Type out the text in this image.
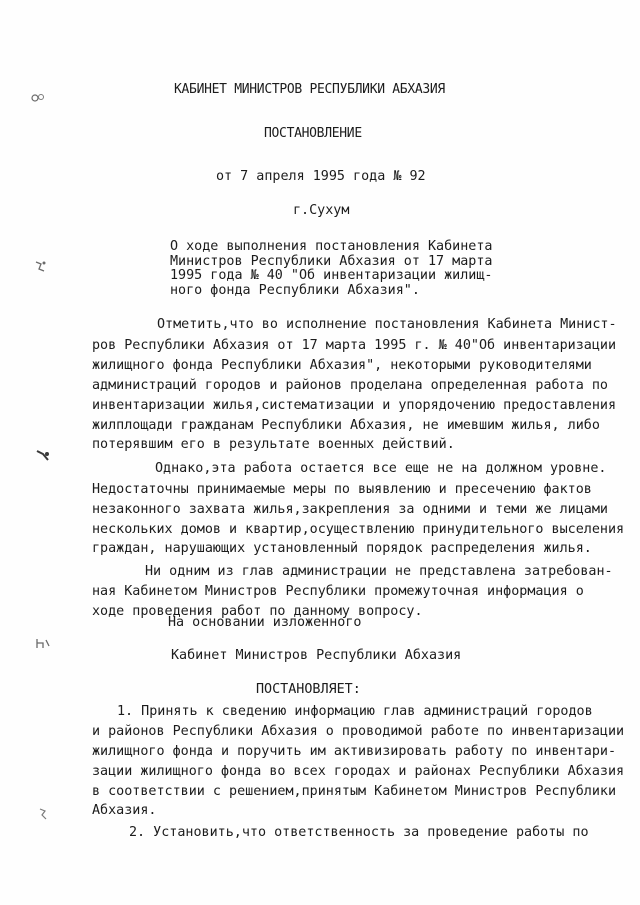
КАБИНЕТ МИНИСТРОВ РЕСПУБЛИКИ АБХАЗИЯ
ПОСТАНОВЛЕНИЕ
от 7 апреля 1995 года № 92
г.Сухум
О ходе выполнения постановления Кабинета
Министров Республики Абхазия от 17 марта
1995 года № 40 "Об инвентаризации жилищ-
ного фонда Республики Абхазия".
Отметить,что во исполнение постановления Кабинета Минист-
ров Республики Абхазия от 17 марта 1995 г. № 40"Об инвентаризации
жилищного фонда Республики Абхазия", некоторыми руководителями
администраций городов и районов проделана определенная работа по
инвентаризации жилья,систематизации и упорядочению предоставления
жилплощади гражданам Республики Абхазия, не имевшим жилья, либо
потерявшим его в результате военных действий.
Однако,эта работа остается все еще не на должном уровне.
Недостаточны принимаемые меры по выявлению и пресечению фактов
незаконного захвата жилья,закрепления за одними и теми же лицами
нескольких домов и квартир,осуществлению принудительного выселения
граждан, нарушающих установленный порядок распределения жилья.
Ни одним из глав администрации не представлена затребован-
ная Кабинетом Министров Республики промежуточная информация о
ходе проведения работ по данному вопросу.
На основании изложенного
Кабинет Министров Республики Абхазия
ПОСТАНОВЛЯЕТ:
1. Принять к сведению информацию глав администраций городов
и районов Республики Абхазия о проводимой работе по инвентаризации
жилищного фонда и поручить им активизировать работу по инвентари-
зации жилищного фонда во всех городах и районах Республики Абхазия
в соответствии с решением,принятым Кабинетом Министров Республики
Абхазия.
2. Установить,что ответственность за проведение работы по
